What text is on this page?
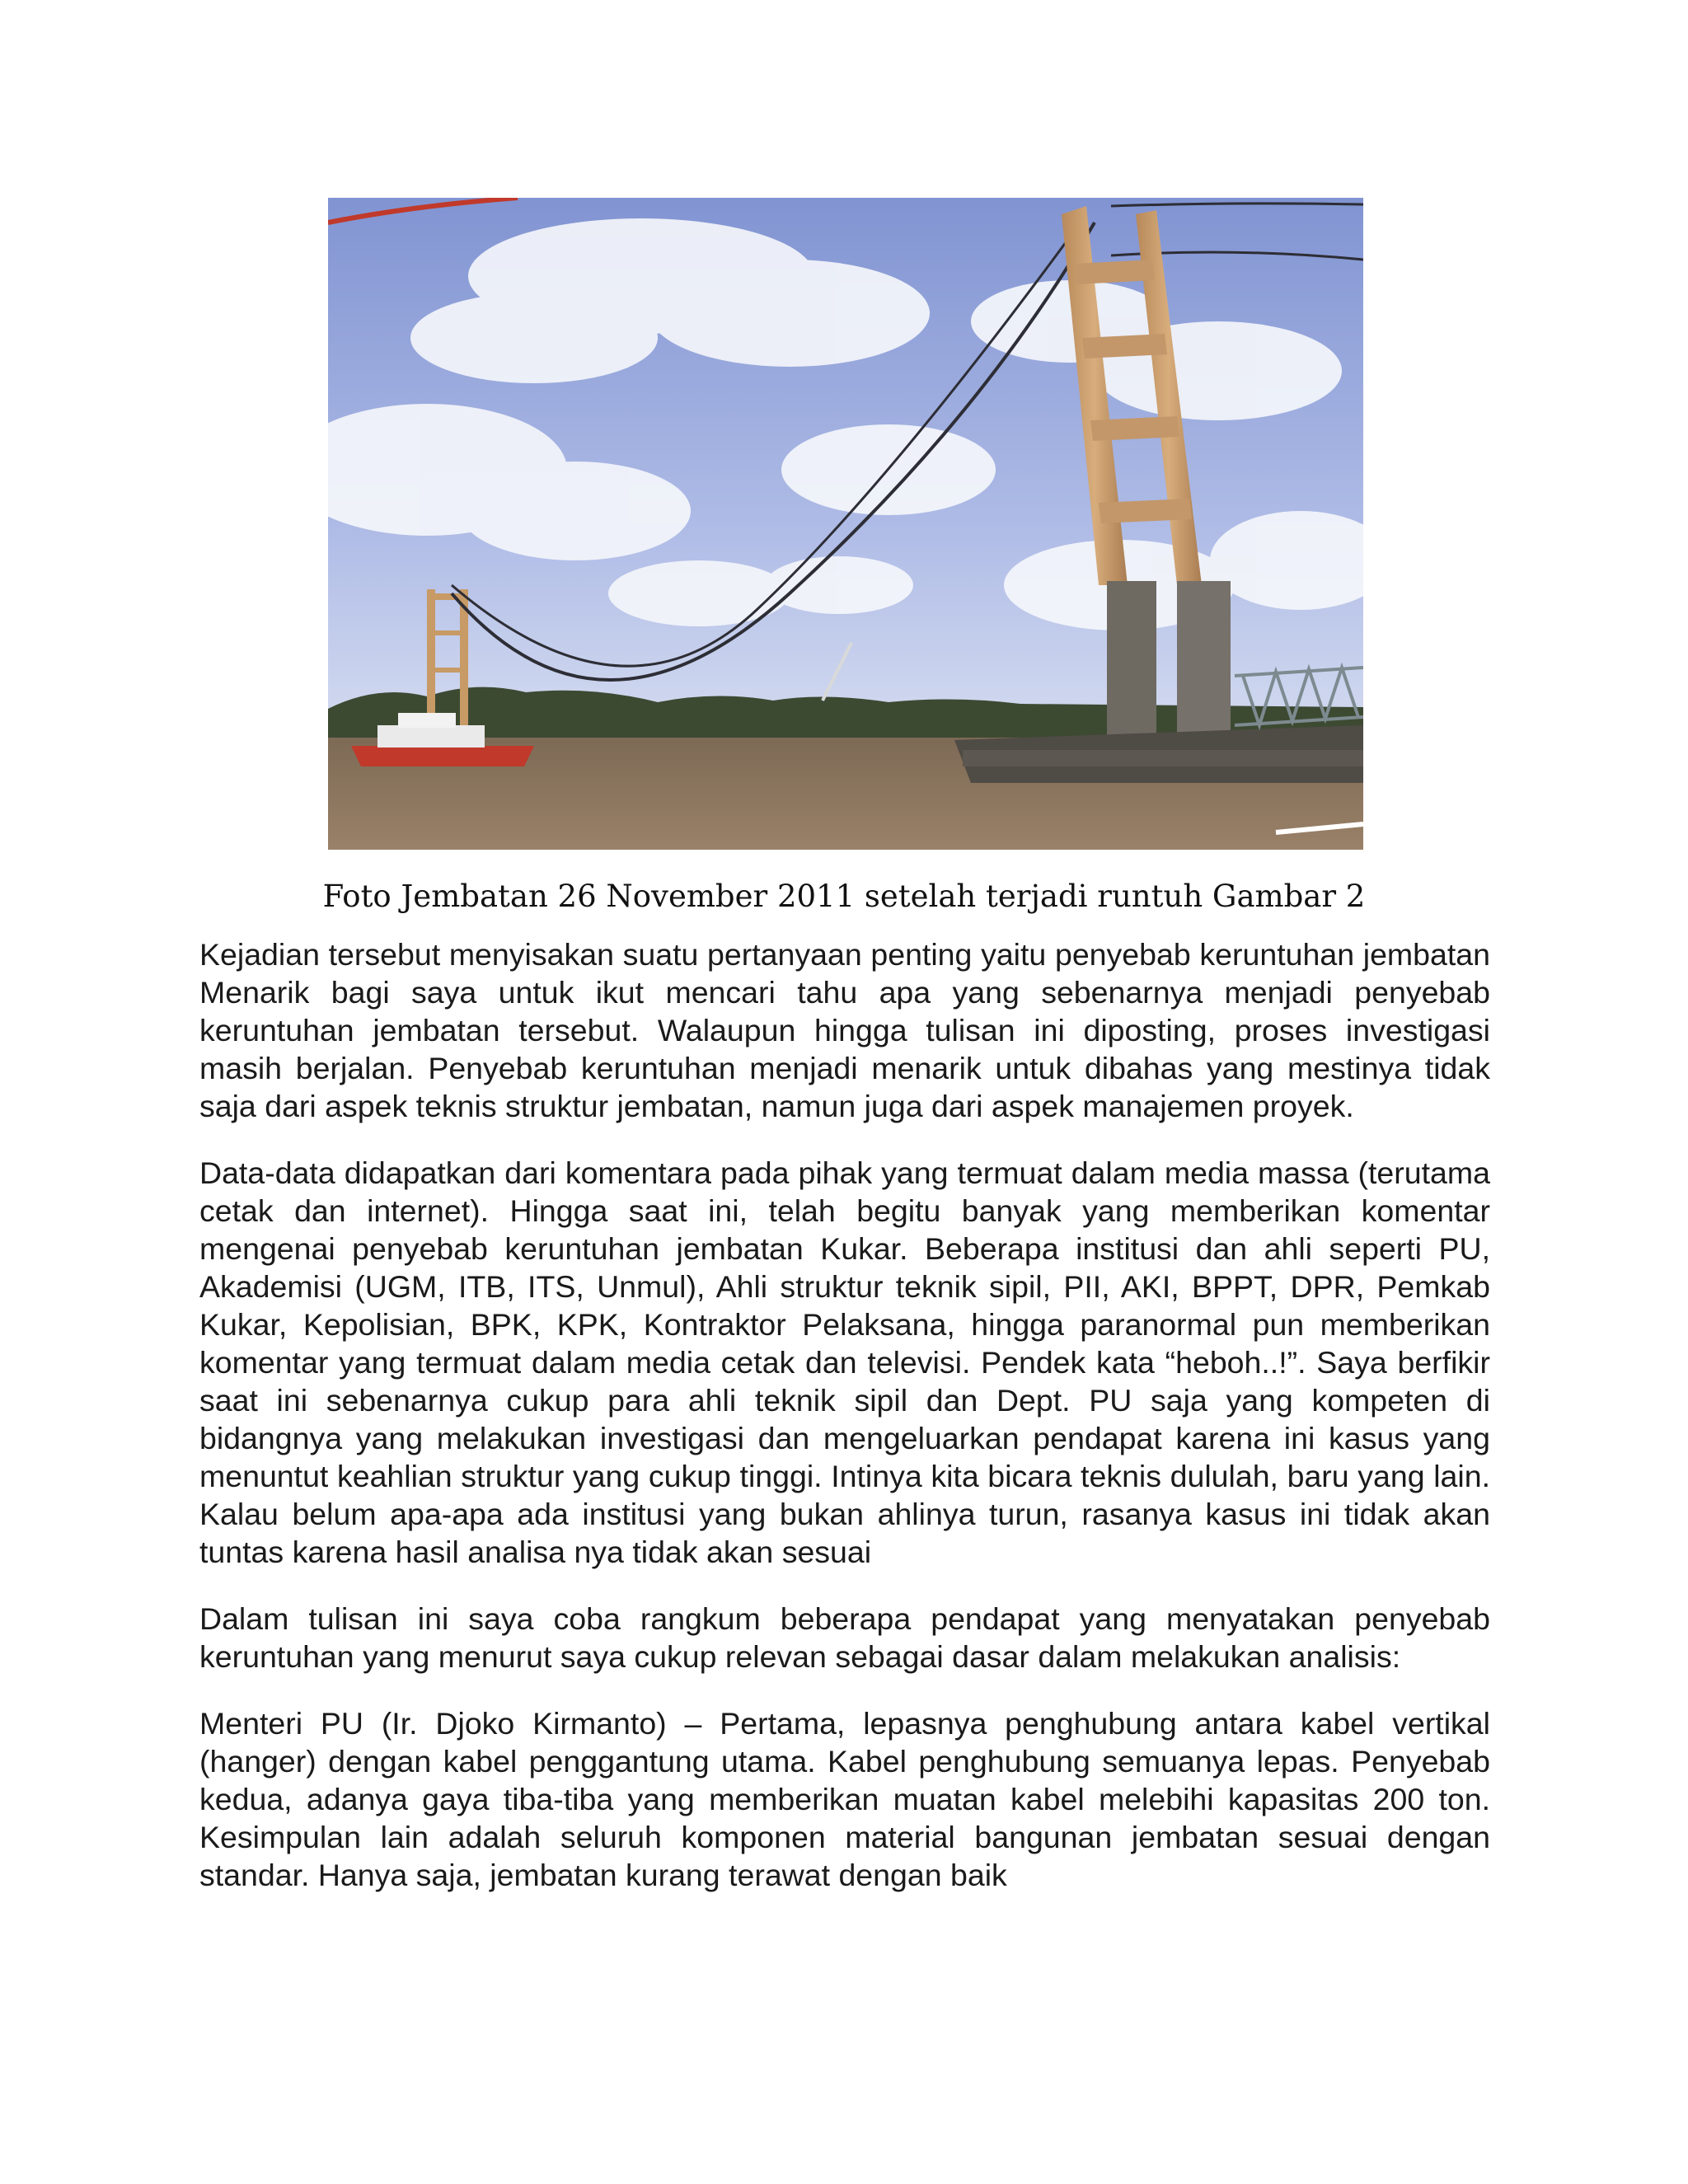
Foto Jembatan 26 November 2011 setelah terjadi runtuh Gambar 2

Kejadian tersebut menyisakan suatu pertanyaan penting yaitu penyebab keruntuhan jembatan Menarik bagi saya untuk ikut mencari tahu apa yang sebenarnya menjadi penyebab keruntuhan jembatan tersebut. Walaupun hingga tulisan ini diposting, proses investigasi masih berjalan. Penyebab keruntuhan menjadi menarik untuk dibahas yang mestinya tidak saja dari aspek teknis struktur jembatan, namun juga dari aspek manajemen proyek.

Data-data didapatkan dari komentara pada pihak yang termuat dalam media massa (terutama cetak dan internet). Hingga saat ini, telah begitu banyak yang memberikan komentar mengenai penyebab keruntuhan jembatan Kukar. Beberapa institusi dan ahli seperti PU, Akademisi (UGM, ITB, ITS, Unmul), Ahli struktur teknik sipil, PII, AKI, BPPT, DPR, Pemkab Kukar, Kepolisian, BPK, KPK, Kontraktor Pelaksana, hingga paranormal pun memberikan komentar yang termuat dalam media cetak dan televisi. Pendek kata “heboh..!”. Saya berfikir saat ini sebenarnya cukup para ahli teknik sipil dan Dept. PU saja yang kompeten di bidangnya yang melakukan investigasi dan mengeluarkan pendapat karena ini kasus yang menuntut keahlian struktur yang cukup tinggi. Intinya kita bicara teknis dululah, baru yang lain. Kalau belum apa-apa ada institusi yang bukan ahlinya turun, rasanya kasus ini tidak akan tuntas karena hasil analisa nya tidak akan sesuai

Dalam tulisan ini saya coba rangkum beberapa pendapat yang menyatakan penyebab keruntuhan yang menurut saya cukup relevan sebagai dasar dalam melakukan analisis:

Menteri PU (Ir. Djoko Kirmanto) – Pertama, lepasnya penghubung antara kabel vertikal (hanger) dengan kabel penggantung utama. Kabel penghubung semuanya lepas. Penyebab kedua, adanya gaya tiba-tiba yang memberikan muatan kabel melebihi kapasitas 200 ton. Kesimpulan lain adalah seluruh komponen material bangunan jembatan sesuai dengan standar. Hanya saja, jembatan kurang terawat dengan baik
